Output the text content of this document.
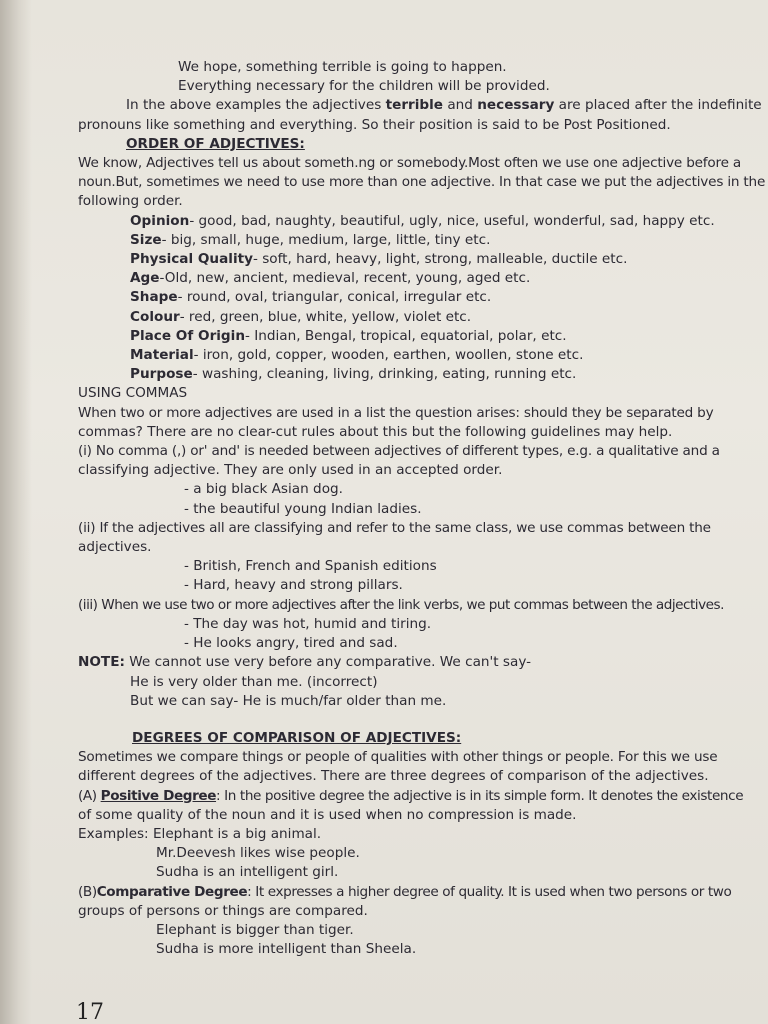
We hope, something terrible is going to happen.

Everything necessary for the children will be provided.

In the above examples the adjectives terrible and necessary are placed after the indefinite

pronouns like something and everything. So their position is said to be Post Positioned.

ORDER OF ADJECTIVES:

We know, Adjectives tell us about someth.ng or somebody.Most often we use one adjective before a

noun.But, sometimes we need to use more than one adjective. In that case we put the adjectives in the

following order.

Opinion- good, bad, naughty, beautiful, ugly, nice, useful, wonderful, sad, happy etc.

Size- big, small, huge, medium, large, little, tiny etc.

Physical Quality- soft, hard, heavy, light, strong, malleable, ductile etc.

Age-Old, new, ancient, medieval, recent, young, aged etc.

Shape- round, oval, triangular, conical, irregular etc.

Colour- red, green, blue, white, yellow, violet etc.

Place Of Origin- Indian, Bengal, tropical, equatorial, polar, etc.

Material- iron, gold, copper, wooden, earthen, woollen, stone etc.

Purpose- washing, cleaning, living, drinking, eating, running etc.

USING COMMAS

When two or more adjectives are used in a list the question arises: should they be separated by

commas? There are no clear-cut rules about this but the following guidelines may help.

(i) No comma (,) or' and' is needed between adjectives of different types, e.g. a qualitative and a

classifying adjective. They are only used in an accepted order.

- a big black Asian dog.

- the beautiful young Indian ladies.

(ii) If the adjectives all are classifying and refer to the same class, we use commas between the

adjectives.

- British, French and Spanish editions

- Hard, heavy and strong pillars.

(iii) When we use two or more adjectives after the link verbs, we put commas between the adjectives.

- The day was hot, humid and tiring.

- He looks angry, tired and sad.

NOTE: We cannot use very before any comparative. We can't say-

He is very older than me. (incorrect)

But we can say- He is much/far older than me.

DEGREES OF COMPARISON OF ADJECTIVES:

Sometimes we compare things or people of qualities with other things or people. For this we use

different degrees of the adjectives. There are three degrees of comparison of the adjectives.

(A) Positive Degree: In the positive degree the adjective is in its simple form. It denotes the existence

of some quality of the noun and it is used when no compression is made.

Examples: Elephant is a big animal.

Mr.Deevesh likes wise people.

Sudha is an intelligent girl.

(B)Comparative Degree: It expresses a higher degree of quality. It is used when two persons or two

groups of persons or things are compared.

Elephant is bigger than tiger.

Sudha is more intelligent than Sheela.

17
